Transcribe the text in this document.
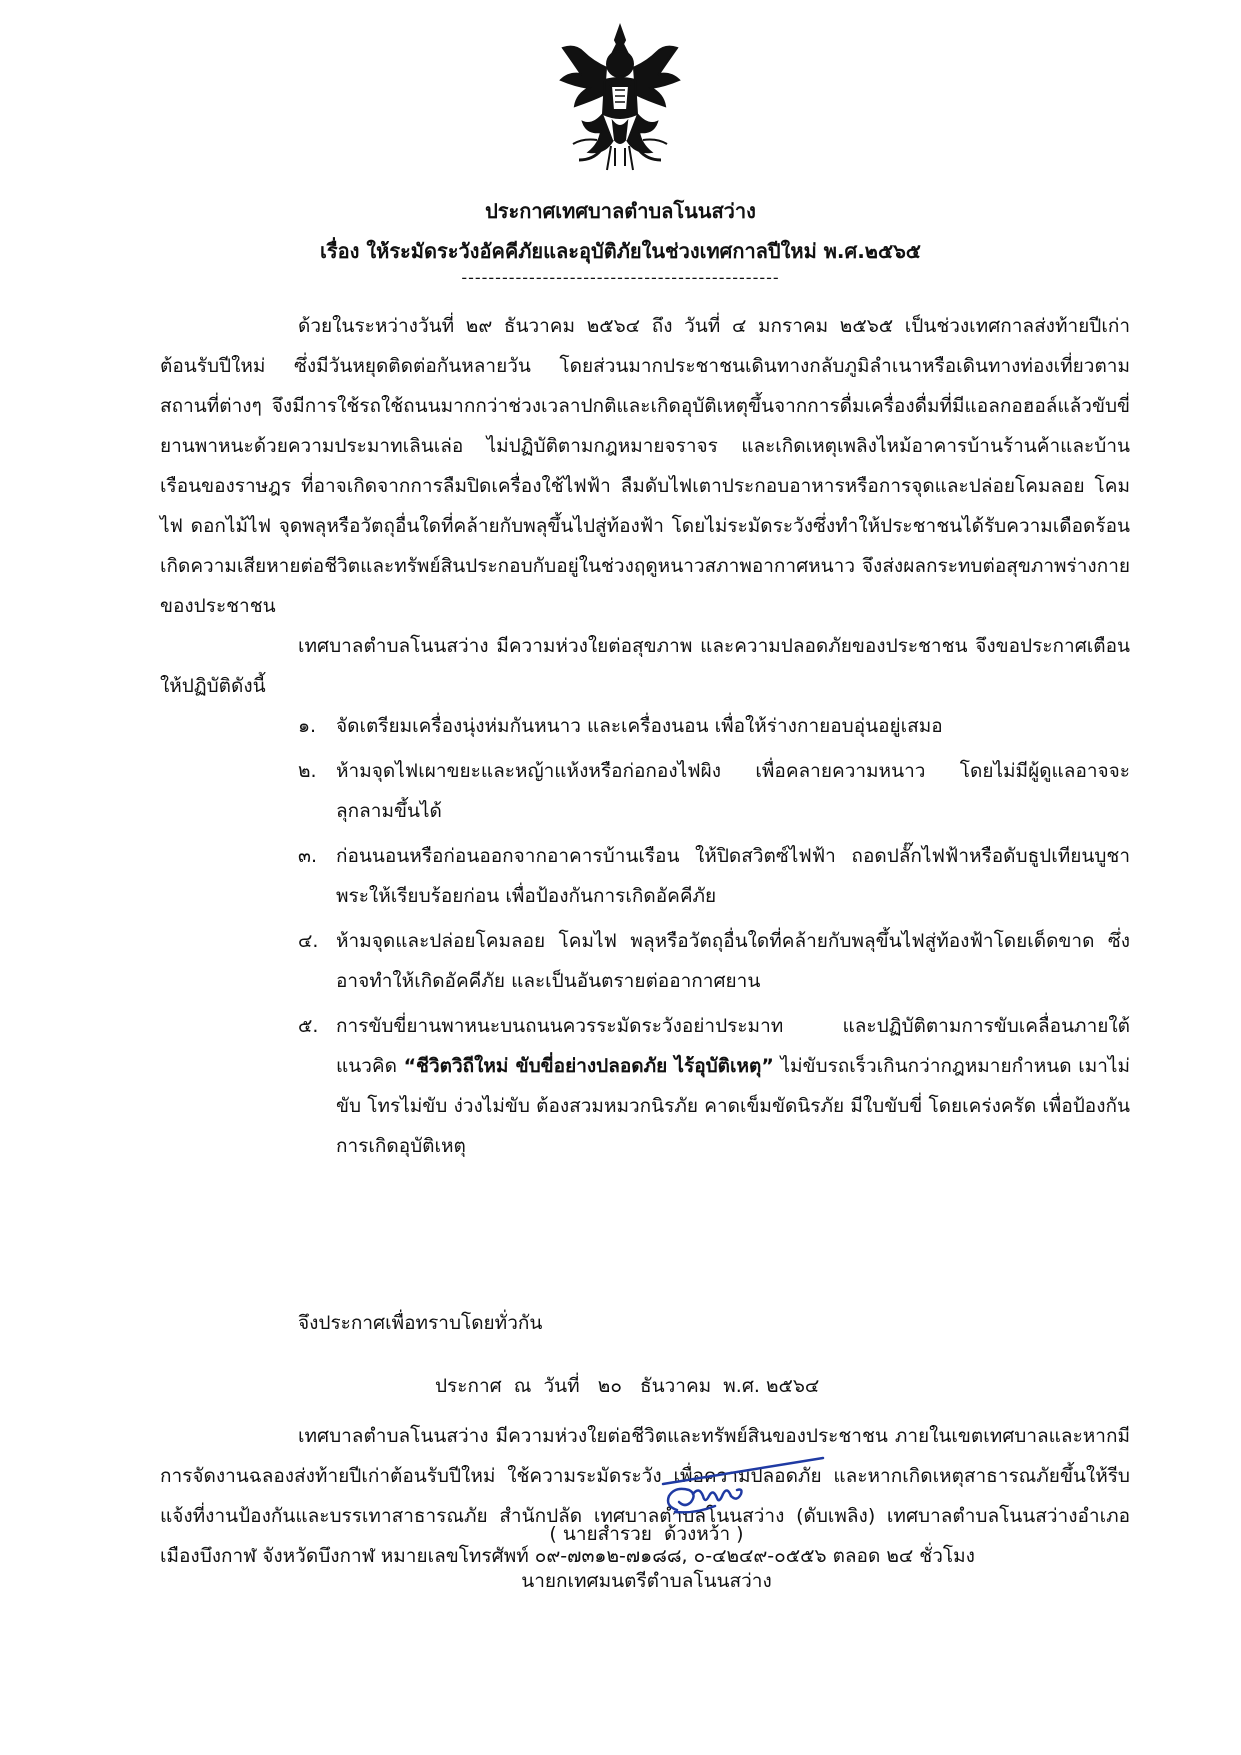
ประกาศเทศบาลตำบลโนนสว่าง
เรื่อง ให้ระมัดระวังอัคคีภัยและอุบัติภัยในช่วงเทศกาลปีใหม่ พ.ศ.๒๕๖๕
-----------------------------------------------

ด้วยในระหว่างวันที่ ๒๙ ธันวาคม ๒๕๖๔ ถึง วันที่ ๔ มกราคม ๒๕๖๕ เป็นช่วงเทศกาลส่งท้ายปีเก่าต้อนรับปีใหม่ ซึ่งมีวันหยุดติดต่อกันหลายวัน โดยส่วนมากประชาชนเดินทางกลับภูมิลำเนาหรือเดินทางท่องเที่ยวตามสถานที่ต่างๆ จึงมีการใช้รถใช้ถนนมากกว่าช่วงเวลาปกติและเกิดอุบัติเหตุขึ้นจากการดื่มเครื่องดื่มที่มีแอลกอฮอล์แล้วขับขี่ยานพาหนะด้วยความประมาทเลินเล่อ ไม่ปฏิบัติตามกฎหมายจราจร และเกิดเหตุเพลิงไหม้อาคารบ้านร้านค้าและบ้านเรือนของราษฎร ที่อาจเกิดจากการลืมปิดเครื่องใช้ไฟฟ้า ลืมดับไฟเตาประกอบอาหารหรือการจุดและปล่อยโคมลอย โคมไฟ ดอกไม้ไฟ จุดพลุหรือวัตถุอื่นใดที่คล้ายกับพลุขึ้นไปสู่ท้องฟ้า โดยไม่ระมัดระวังซึ่งทำให้ประชาชนได้รับความเดือดร้อน เกิดความเสียหายต่อชีวิตและทรัพย์สินประกอบกับอยู่ในช่วงฤดูหนาวสภาพอากาศหนาว จึงส่งผลกระทบต่อสุขภาพร่างกายของประชาชน

เทศบาลตำบลโนนสว่าง มีความห่วงใยต่อสุขภาพ และความปลอดภัยของประชาชน จึงขอประกาศเตือนให้ปฏิบัติดังนี้

๑. จัดเตรียมเครื่องนุ่งห่มกันหนาว และเครื่องนอน เพื่อให้ร่างกายอบอุ่นอยู่เสมอ
๒. ห้ามจุดไฟเผาขยะและหญ้าแห้งหรือก่อกองไฟผิง เพื่อคลายความหนาว โดยไม่มีผู้ดูแลอาจจะลุกลามขึ้นได้
๓. ก่อนนอนหรือก่อนออกจากอาคารบ้านเรือน ให้ปิดสวิตซ์ไฟฟ้า ถอดปลั๊กไฟฟ้าหรือดับธูปเทียนบูชาพระให้เรียบร้อยก่อน เพื่อป้องกันการเกิดอัคคีภัย
๔. ห้ามจุดและปล่อยโคมลอย โคมไฟ พลุหรือวัตถุอื่นใดที่คล้ายกับพลุขึ้นไฟสู่ท้องฟ้าโดยเด็ดขาด ซึ่งอาจทำให้เกิดอัคคีภัย และเป็นอันตรายต่ออากาศยาน
๕. การขับขี่ยานพาหนะบนถนนควรระมัดระวังอย่าประมาท และปฏิบัติตามการขับเคลื่อนภายใต้แนวคิด “ชีวิตวิถีใหม่ ขับขี่อย่างปลอดภัย ไร้อุบัติเหตุ” ไม่ขับรถเร็วเกินกว่ากฎหมายกำหนด เมาไม่ขับ โทรไม่ขับ ง่วงไม่ขับ ต้องสวมหมวกนิรภัย คาดเข็มขัดนิรภัย มีใบขับขี่ โดยเคร่งครัด เพื่อป้องกันการเกิดอุบัติเหตุ

เทศบาลตำบลโนนสว่าง มีความห่วงใยต่อชีวิตและทรัพย์สินของประชาชน ภายในเขตเทศบาลและหากมีการจัดงานฉลองส่งท้ายปีเก่าต้อนรับปีใหม่ ใช้ความระมัดระวัง เพื่อความปลอดภัย และหากเกิดเหตุสาธารณภัยขึ้นให้รีบแจ้งที่งานป้องกันและบรรเทาสาธารณภัย สำนักปลัด เทศบาลตำบลโนนสว่าง (ดับเพลิง) เทศบาลตำบลโนนสว่างอำเภอเมืองบึงกาฬ จังหวัดบึงกาฬ หมายเลขโทรศัพท์ ๐๙-๗๓๑๒-๗๑๘๘, ๐-๔๒๔๙-๐๕๕๖ ตลอด ๒๔ ชั่วโมง

จึงประกาศเพื่อทราบโดยทั่วกัน
ประกาศ  ณ  วันที่   ๒๐   ธันวาคม  พ.ศ. ๒๕๖๔
( นายสำรวย  ด้วงหว้า )
นายกเทศมนตรีตำบลโนนสว่าง
